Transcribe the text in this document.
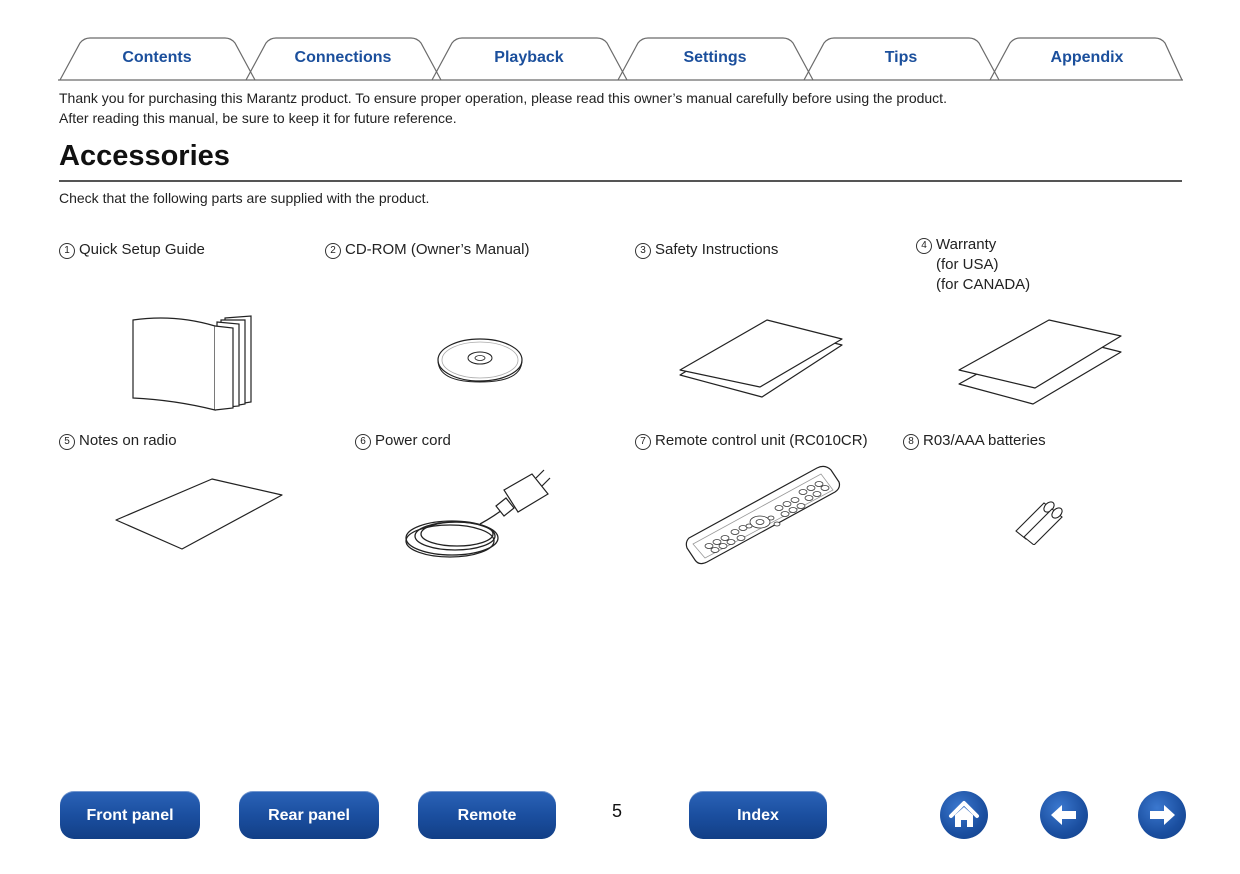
Contents	Connections	Playback	Settings	Tips	Appendix

Thank you for purchasing this Marantz product. To ensure proper operation, please read this owner’s manual carefully before using the product.

After reading this manual, be sure to keep it for future reference.

Accessories
Check that the following parts are supplied with the product.
1 Quick Setup Guide	2 CD-ROM (Owner’s Manual)	3 Safety Instructions	4 Warranty
(for USA)
(for CANADA)
5 Notes on radio	6 Power cord	7 Remote control unit (RC010CR)	8 R03/AAA batteries
Front panel	Rear panel	Remote	5	Index
